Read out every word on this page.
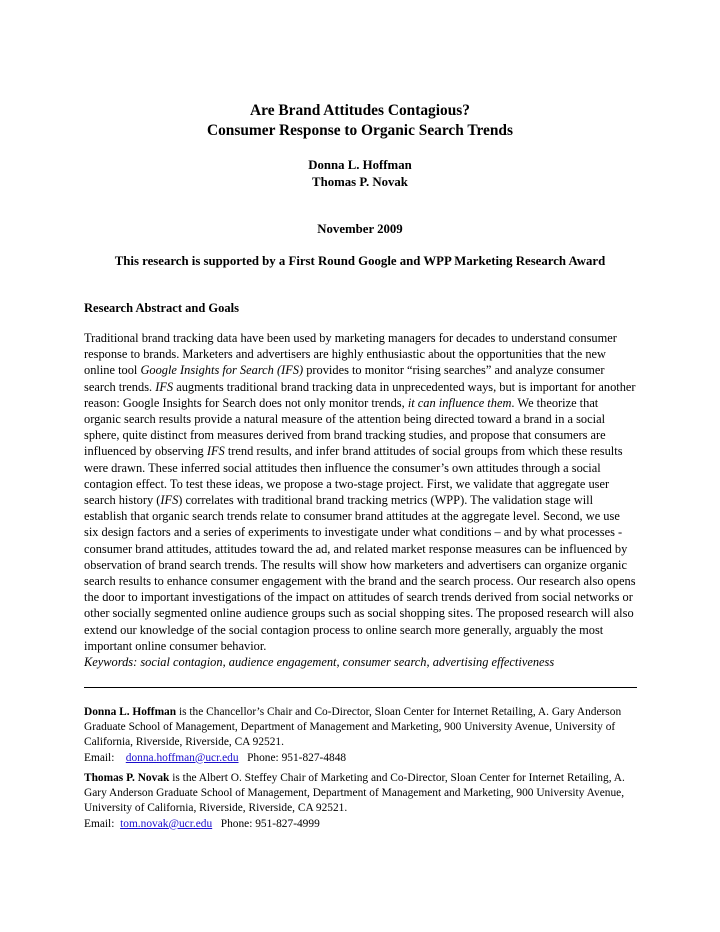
Are Brand Attitudes Contagious?
Consumer Response to Organic Search Trends
Donna L. Hoffman
Thomas P. Novak
November 2009
This research is supported by a First Round Google and WPP Marketing Research Award
Research Abstract and Goals

Traditional brand tracking data have been used by marketing managers for decades to understand consumer response to brands. Marketers and advertisers are highly enthusiastic about the opportunities that the new online tool Google Insights for Search (IFS) provides to monitor “rising searches” and analyze consumer search trends. IFS augments traditional brand tracking data in unprecedented ways, but is important for another reason: Google Insights for Search does not only monitor trends, it can influence them. We theorize that organic search results provide a natural measure of the attention being directed toward a brand in a social sphere, quite distinct from measures derived from brand tracking studies, and propose that consumers are influenced by observing IFS trend results, and infer brand attitudes of social groups from which these results were drawn. These inferred social attitudes then influence the consumer’s own attitudes through a social contagion effect. To test these ideas, we propose a two-stage project. First, we validate that aggregate user search history (IFS) correlates with traditional brand tracking metrics (WPP). The validation stage will establish that organic search trends relate to consumer brand attitudes at the aggregate level. Second, we use six design factors and a series of experiments to investigate under what conditions – and by what processes - consumer brand attitudes, attitudes toward the ad, and related market response measures can be influenced by observation of brand search trends. The results will show how marketers and advertisers can organize organic search results to enhance consumer engagement with the brand and the search process. Our research also opens the door to important investigations of the impact on attitudes of search trends derived from social networks or other socially segmented online audience groups such as social shopping sites. The proposed research will also extend our knowledge of the social contagion process to online search more generally, arguably the most important online consumer behavior.

Keywords: social contagion, audience engagement, consumer search, advertising effectiveness
Donna L. Hoffman is the Chancellor’s Chair and Co-Director, Sloan Center for Internet Retailing, A. Gary Anderson Graduate School of Management, Department of Management and Marketing, 900 University Avenue, University of California, Riverside, Riverside, CA 92521.
Email: donna.hoffman@ucr.edu Phone: 951-827-4848
Thomas P. Novak is the Albert O. Steffey Chair of Marketing and Co-Director, Sloan Center for Internet Retailing, A. Gary Anderson Graduate School of Management, Department of Management and Marketing, 900 University Avenue, University of California, Riverside, Riverside, CA 92521.
Email: tom.novak@ucr.edu Phone: 951-827-4999
